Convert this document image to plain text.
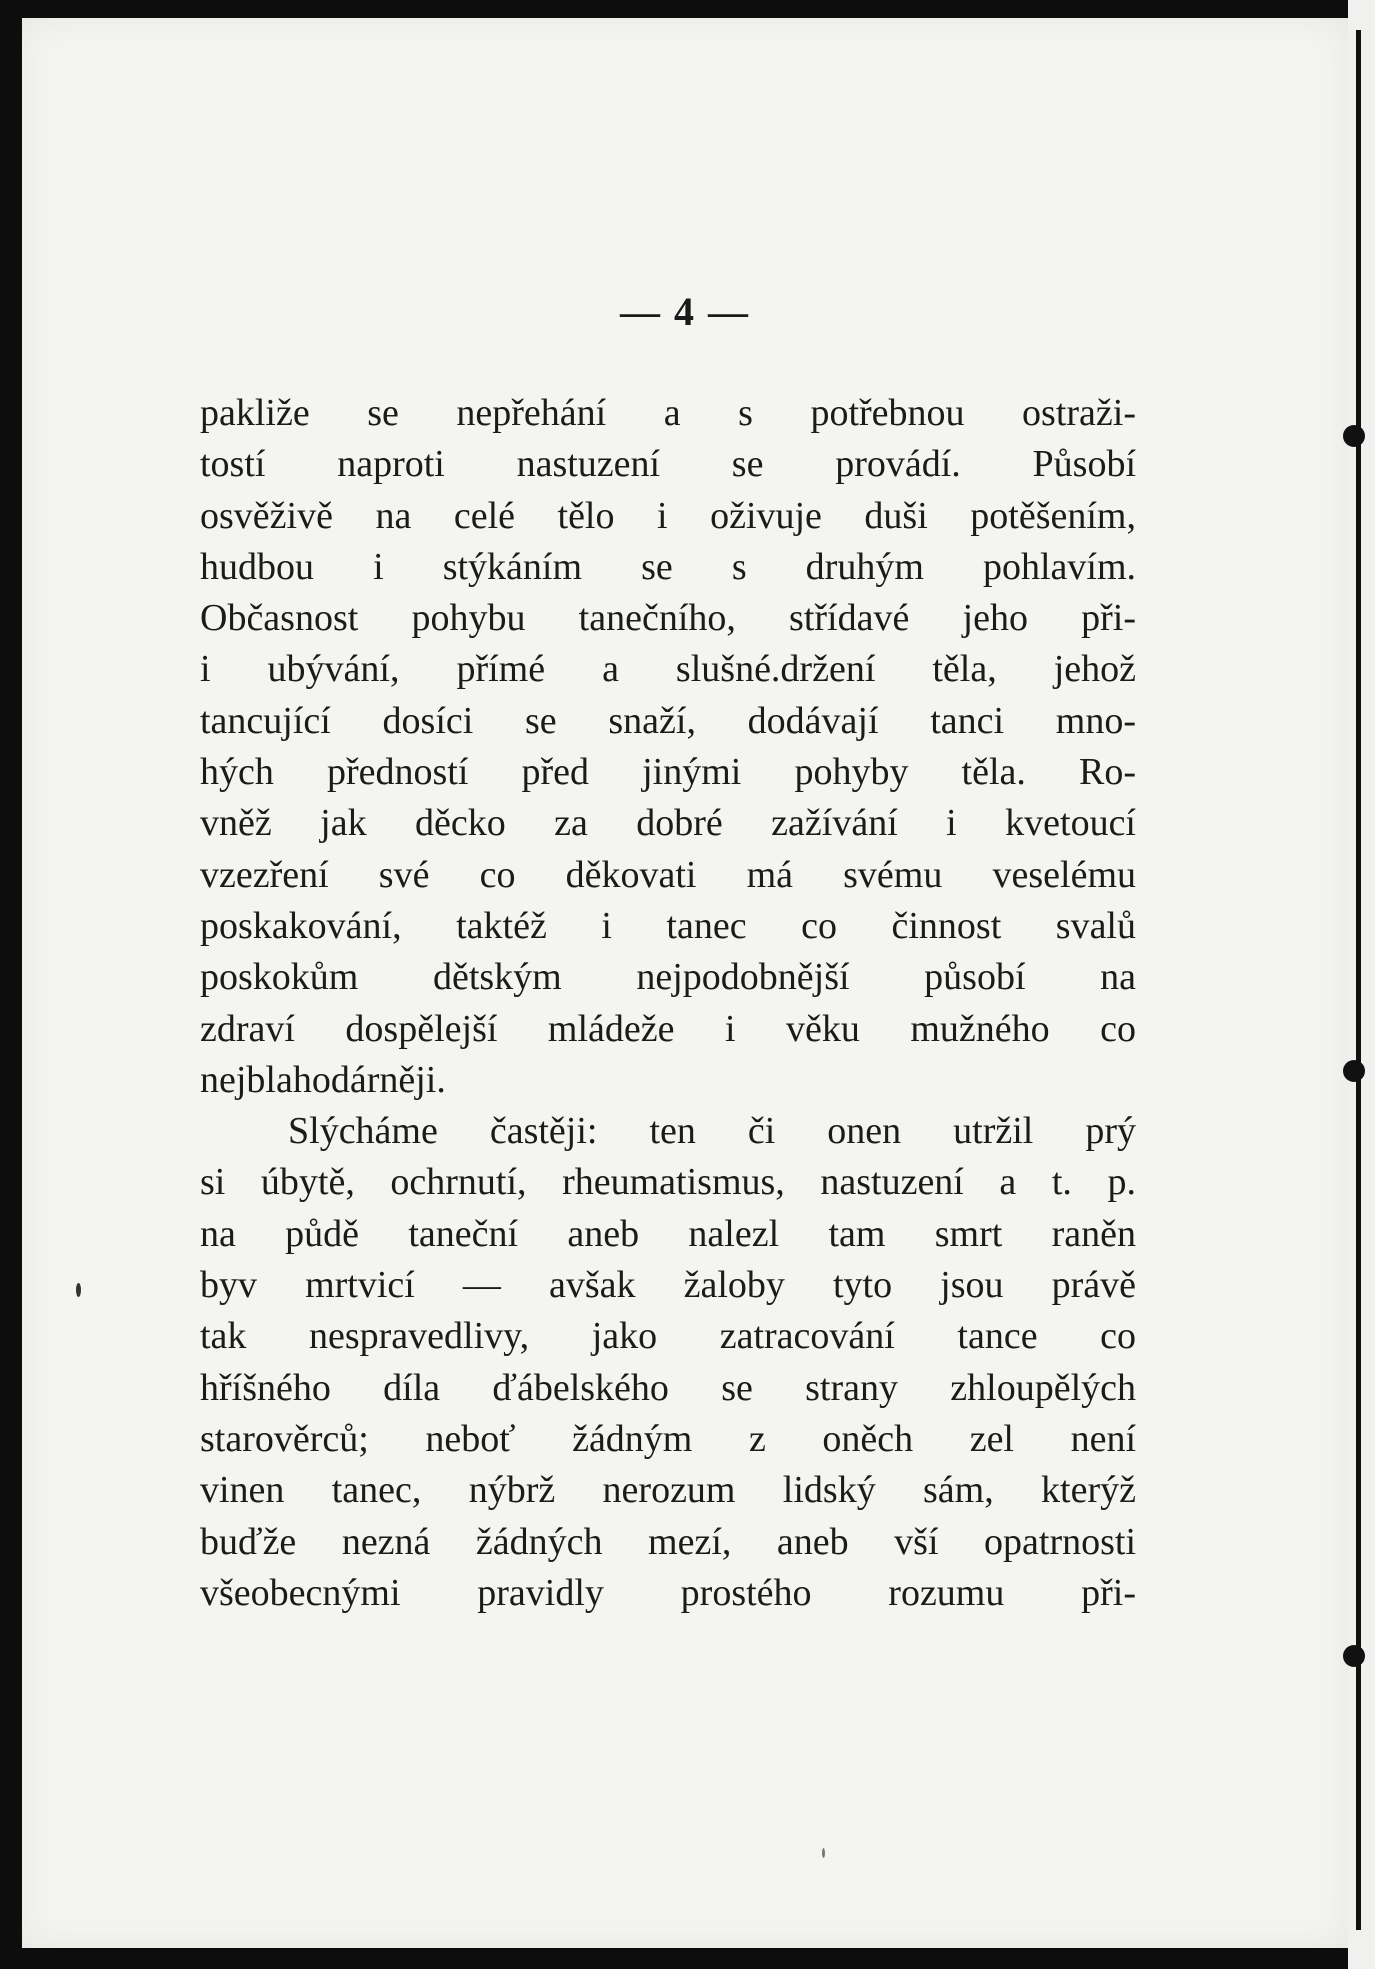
— 4 —
pakliže se nepřehání a s potřebnou ostraži-
tostí naproti nastuzení se provádí. Působí
osvěživě na celé tělo i oživuje duši potěšením,
hudbou i stýkáním se s druhým pohlavím.
Občasnost pohybu tanečního, střídavé jeho při-
i ubývání, přímé a slušné.držení těla, jehož
tancující dosíci se snaží, dodávají tanci mno-
hých předností před jinými pohyby těla. Ro-
vněž jak děcko za dobré zažívání i kvetoucí
vzezření své co děkovati má svému veselému
poskakování, taktéž i tanec co činnost svalů
poskokům dětským nejpodobnější působí na
zdraví dospělejší mládeže i věku mužného co
nejblahodárněji.
Slýcháme častěji: ten či onen utržil prý
si úbytě, ochrnutí, rheumatismus, nastuzení a t. p.
na půdě taneční aneb nalezl tam smrt raněn
byv mrtvicí — avšak žaloby tyto jsou právě
tak nespravedlivy, jako zatracování tance co
hříšného díla ďábelského se strany zhloupělých
starověrců; neboť žádným z oněch zel není
vinen tanec, nýbrž nerozum lidský sám, kterýž
buďže nezná žádných mezí, aneb vší opatrnosti
všeobecnými pravidly prostého rozumu při-
